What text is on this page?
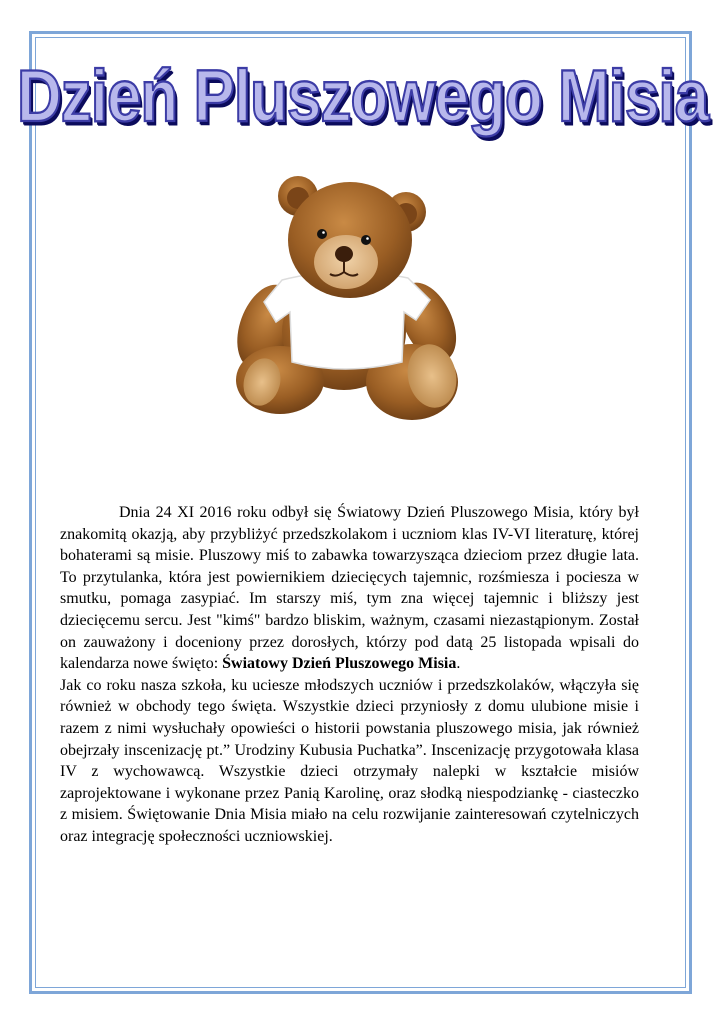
Dzień Pluszowego Misia

Dnia 24 XI 2016 roku odbył się Światowy Dzień Pluszowego Misia, który był znakomitą okazją, aby przybliżyć przedszkolakom i uczniom klas IV-VI literaturę, której bohaterami są misie. Pluszowy miś to zabawka towarzysząca dzieciom przez długie lata. To przytulanka, która jest powiernikiem dziecięcych tajemnic, rozśmiesza i pociesza w smutku, pomaga zasypiać. Im starszy miś, tym zna więcej tajemnic i bliższy jest dziecięcemu sercu. Jest "kimś" bardzo bliskim, ważnym, czasami niezastąpionym. Został on zauważony i doceniony przez dorosłych, którzy pod datą 25 listopada wpisali do kalendarza nowe święto: Światowy Dzień Pluszowego Misia.

Jak co roku nasza szkoła, ku uciesze młodszych uczniów i przedszkolaków, włączyła się również w obchody tego święta. Wszystkie dzieci przyniosły z domu ulubione misie i razem z nimi wysłuchały opowieści o historii powstania pluszowego misia, jak również obejrzały inscenizację pt.” Urodziny Kubusia Puchatka”. Inscenizację przygotowała klasa IV z wychowawcą. Wszystkie dzieci otrzymały nalepki w kształcie misiów zaprojektowane i wykonane przez Panią Karolinę, oraz słodką niespodziankę - ciasteczko z misiem. Świętowanie Dnia Misia miało na celu rozwijanie zainteresowań czytelniczych oraz integrację społeczności uczniowskiej.
